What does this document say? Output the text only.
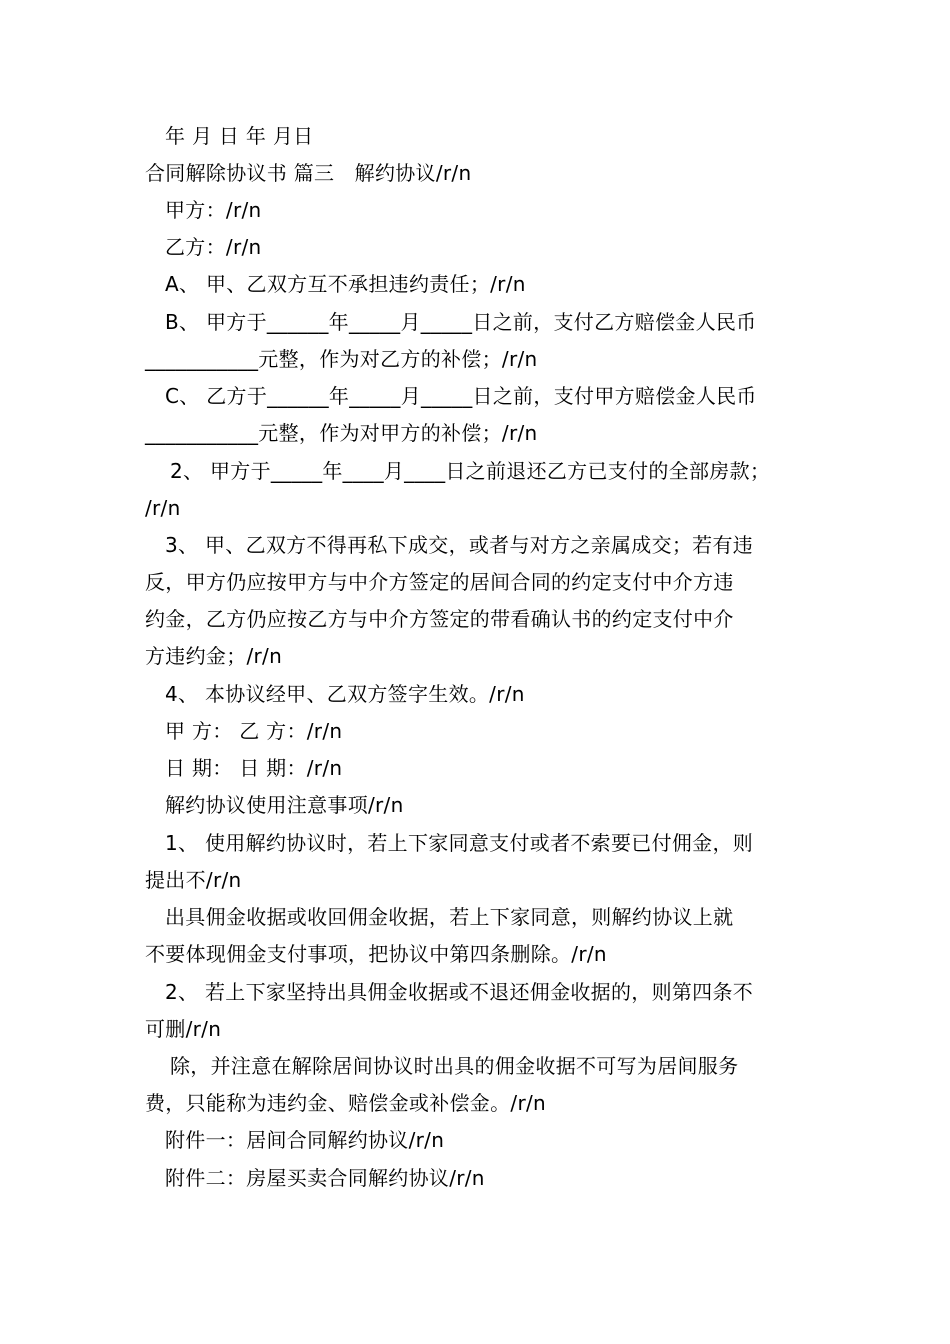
年 月 日 年 月日
合同解除协议书 篇三　解约协议/r/n
甲方：/r/n
乙方：/r/n
A、 甲、乙双方互不承担违约责任；/r/n
B、 甲方于______年_____月_____日之前，支付乙方赔偿金人民币
___________元整，作为对乙方的补偿；/r/n
C、 乙方于______年_____月_____日之前，支付甲方赔偿金人民币
___________元整，作为对甲方的补偿；/r/n
2、 甲方于_____年____月____日之前退还乙方已支付的全部房款；
/r/n
3、 甲、乙双方不得再私下成交，或者与对方之亲属成交；若有违
反，甲方仍应按甲方与中介方签定的居间合同的约定支付中介方违
约金，乙方仍应按乙方与中介方签定的带看确认书的约定支付中介
方违约金；/r/n
4、 本协议经甲、乙双方签字生效。/r/n
甲 方： 乙 方：/r/n
日 期： 日 期：/r/n
解约协议使用注意事项/r/n
1、 使用解约协议时，若上下家同意支付或者不索要已付佣金，则
提出不/r/n
出具佣金收据或收回佣金收据，若上下家同意，则解约协议上就
不要体现佣金支付事项，把协议中第四条删除。/r/n
2、 若上下家坚持出具佣金收据或不退还佣金收据的，则第四条不
可删/r/n
除，并注意在解除居间协议时出具的佣金收据不可写为居间服务
费，只能称为违约金、赔偿金或补偿金。/r/n
附件一：居间合同解约协议/r/n
附件二：房屋买卖合同解约协议/r/n
